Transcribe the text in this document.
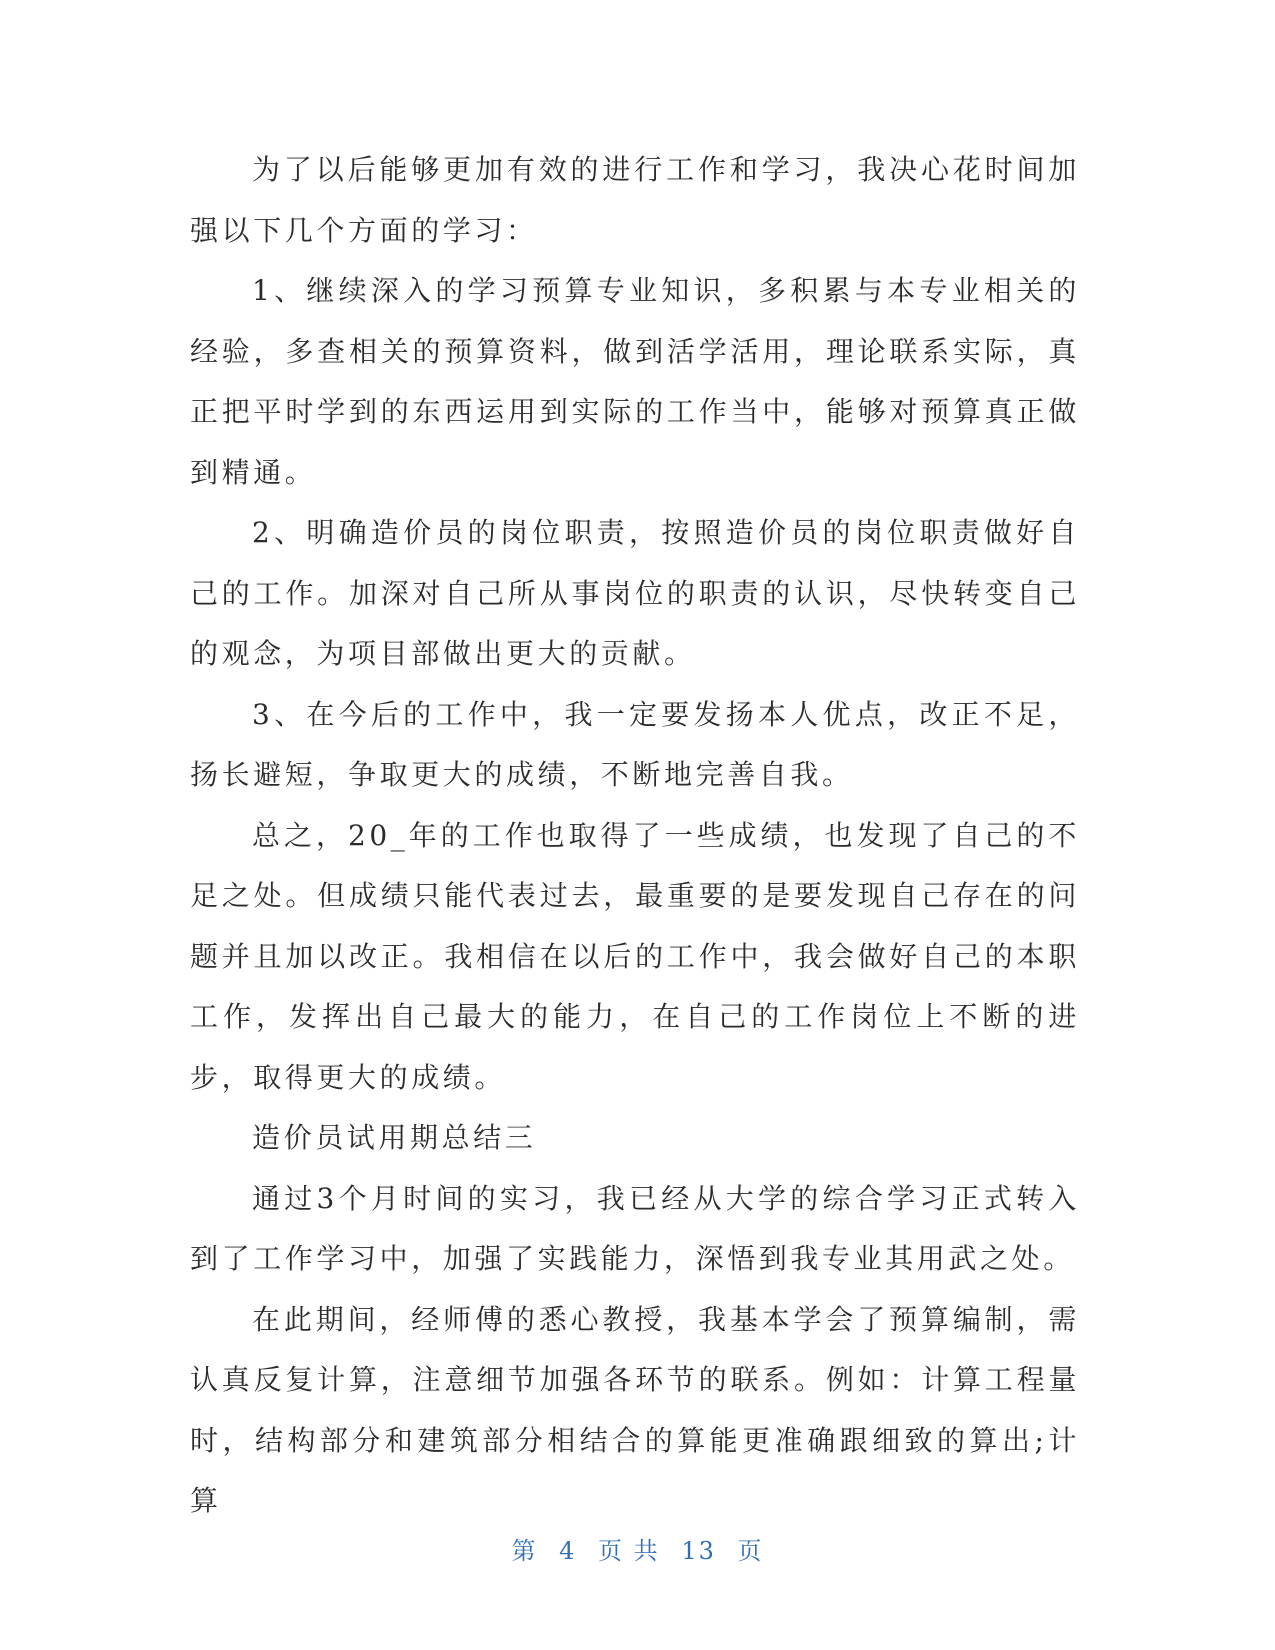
为了以后能够更加有效的进行工作和学习，我决心花时间加强以下几个方面的学习：

1、继续深入的学习预算专业知识，多积累与本专业相关的经验，多查相关的预算资料，做到活学活用，理论联系实际，真正把平时学到的东西运用到实际的工作当中，能够对预算真正做到精通。

2、明确造价员的岗位职责，按照造价员的岗位职责做好自己的工作。加深对自己所从事岗位的职责的认识，尽快转变自己的观念，为项目部做出更大的贡献。

3、在今后的工作中，我一定要发扬本人优点，改正不足，扬长避短，争取更大的成绩，不断地完善自我。

总之，20_年的工作也取得了一些成绩，也发现了自己的不足之处。但成绩只能代表过去，最重要的是要发现自己存在的问题并且加以改正。我相信在以后的工作中，我会做好自己的本职工作，发挥出自己最大的能力，在自己的工作岗位上不断的进步，取得更大的成绩。

造价员试用期总结三

通过3个月时间的实习，我已经从大学的综合学习正式转入到了工作学习中，加强了实践能力，深悟到我专业其用武之处。

在此期间，经师傅的悉心教授，我基本学会了预算编制，需认真反复计算，注意细节加强各环节的联系。例如：计算工程量时，结构部分和建筑部分相结合的算能更准确跟细致的算出;计算

第 4 页 共 13 页
